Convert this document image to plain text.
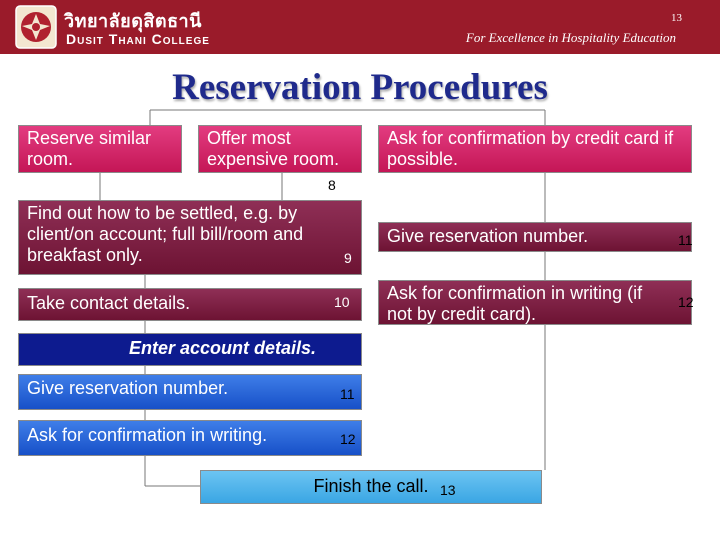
วิทยาลัยดุสิตธานี
Dusit Thani College
13
For Excellence in Hospitality Education
Reservation Procedures
Reserve similar room.
Offer most expensive room.
Ask for confirmation by credit card if possible.
8
Find out how to be settled, e.g. by client/on account; full bill/room and breakfast only.	9
Give reservation number.	11
Take contact details.	10	Ask for confirmation in writing (if not by credit card).
12
Enter account details.
Give reservation number.	11
Ask for confirmation in writing.	12
Finish the call. 13
